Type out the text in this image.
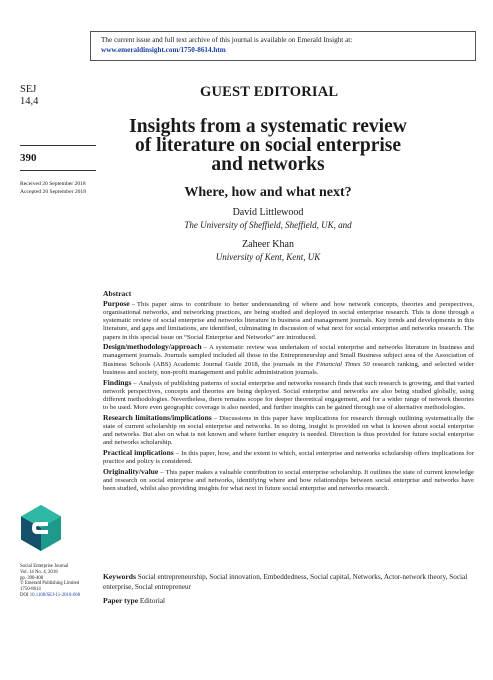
The current issue and full text archive of this journal is available on Emerald Insight at:
www.emeraldinsight.com/1750-8614.htm
SEJ
14,4
390
Received 20 September 2018
Accepted 20 September 2018
Social Enterprise Journal
Vol. 14 No. 4, 2018
pp. 390-408
© Emerald Publishing Limited
1750-8614
DOI 10.1108/SEJ-11-2018-068
GUEST EDITORIAL
Insights from a systematic review
of literature on social enterprise
and networks
Where, how and what next?
David Littlewood
The University of Sheffield, Sheffield, UK, and
Zaheer Khan
University of Kent, Kent, UK
Abstract
Purpose – This paper aims to contribute to better understanding of where and how network concepts, theories and perspectives, organisational networks, and networking practices, are being studied and deployed in social enterprise research. This is done through a systematic review of social enterprise and networks literature in business and management journals. Key trends and developments in this literature, and gaps and limitations, are identified, culminating in discussion of what next for social enterprise and networks research. The papers in this special issue on “Social Enterprise and Networks” are introduced.
Design/methodology/approach – A systematic review was undertaken of social enterprise and networks literature in business and management journals. Journals sampled included all those in the Entrepreneurship and Small Business subject area of the Association of Business Schools (ABS) Academic Journal Guide 2018, the journals in the Financial Times 50 research ranking, and selected wider business and society, non-profit management and public administration journals.
Findings – Analysis of publishing patterns of social enterprise and networks research finds that such research is growing, and that varied network perspectives, concepts and theories are being deployed. Social enterprise and networks are also being studied globally, using different methodologies. Nevertheless, there remains scope for deeper theoretical engagement, and for a wider range of network theories to be used. More even geographic coverage is also needed, and further insights can be gained through use of alternative methodologies.
Research limitations/implications – Discussions in this paper have implications for research through outlining systematically the state of current scholarship on social enterprise and networks. In so doing, insight is provided on what is known about social enterprise and networks. But also on what is not known and where further enquiry is needed. Direction is thus provided for future social enterprise and networks scholarship.
Practical implications – In this paper, how, and the extent to which, social enterprise and networks scholarship offers implications for practice and policy is considered.
Originality/value – This paper makes a valuable contribution to social enterprise scholarship. It outlines the state of current knowledge and research on social enterprise and networks, identifying where and how relationships between social enterprise and networks have been studied, whilst also providing insights for what next in future social enterprise and networks research.
Keywords Social entrepreneurship, Social innovation, Embeddedness, Social capital, Networks, Actor-network theory, Social enterprise, Social entrepreneur
Paper type Editorial
